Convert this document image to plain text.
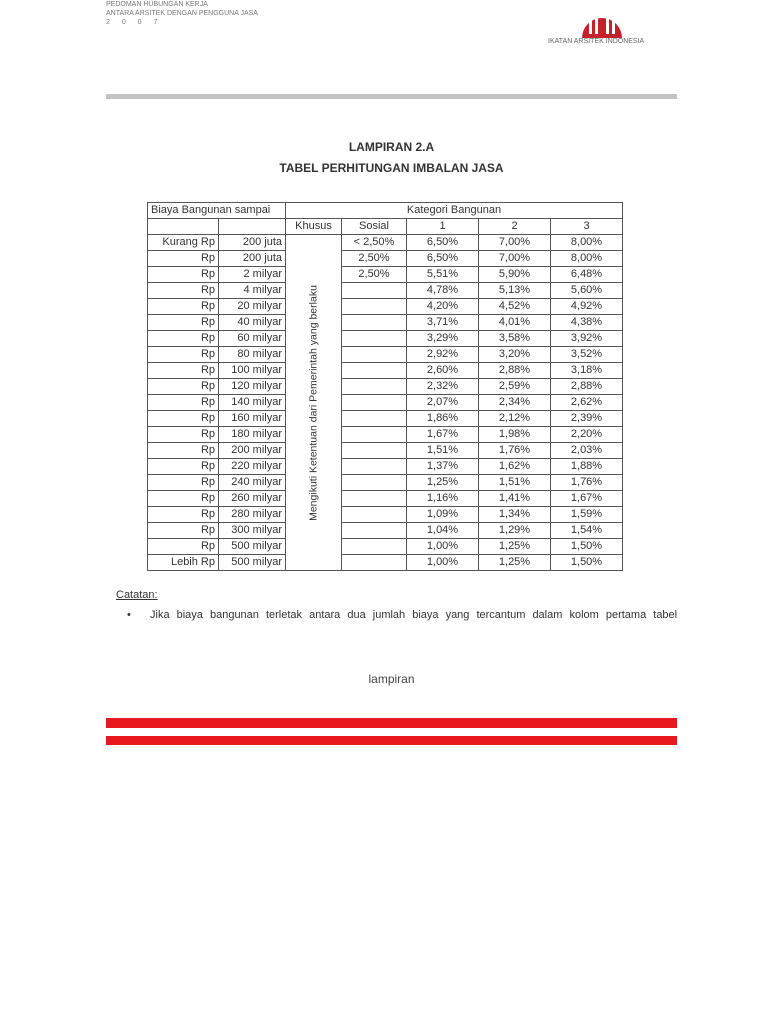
PEDOMAN HUBUNGAN KERJA
ANTARA ARSITEK DENGAN PENGGUNA JASA
2 0 0 7
IKATAN ARSITEK INDONESIA
LAMPIRAN 2.A
TABEL PERHITUNGAN IMBALAN JASA
Biaya Bangunan sampai		Kategori Bangunan				
		Khusus	Sosial	1	2	3
Kurang Rp	200 juta	Mengikuti Ketentuan dari Pemerintah yang berlaku	< 2,50%	6,50%	7,00%	8,00%
Rp	200 juta		2,50%	6,50%	7,00%	8,00%
Rp	2 milyar		2,50%	5,51%	5,90%	6,48%
Rp	4 milyar			4,78%	5,13%	5,60%
Rp	20 milyar			4,20%	4,52%	4,92%
Rp	40 milyar			3,71%	4,01%	4,38%
Rp	60 milyar			3,29%	3,58%	3,92%
Rp	80 milyar			2,92%	3,20%	3,52%
Rp	100 milyar			2,60%	2,88%	3,18%
Rp	120 milyar			2,32%	2,59%	2,88%
Rp	140 milyar			2,07%	2,34%	2,62%
Rp	160 milyar			1,86%	2,12%	2,39%
Rp	180 milyar			1,67%	1,98%	2,20%
Rp	200 milyar			1,51%	1,76%	2,03%
Rp	220 milyar			1,37%	1,62%	1,88%
Rp	240 milyar			1,25%	1,51%	1,76%
Rp	260 milyar			1,16%	1,41%	1,67%
Rp	280 milyar			1,09%	1,34%	1,59%
Rp	300 milyar			1,04%	1,29%	1,54%
Rp	500 milyar			1,00%	1,25%	1,50%
Lebih Rp	500 milyar			1,00%	1,25%	1,50%
Catatan:
• Jika biaya bangunan terletak antara dua jumlah biaya yang tercantum dalam kolom pertama tabel
lampiran
